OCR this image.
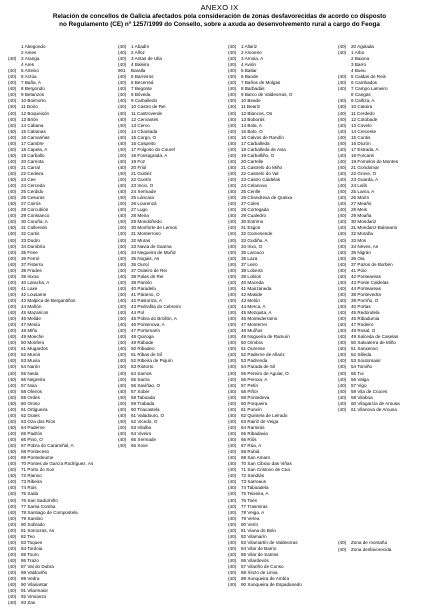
ANEXO IX
Relación de concellos de Galicia afectados pola consideración de zonas desfavorecidas de acordo co disposto
no Regulamento (CE) nº 1257/1999 do Consello, sobre a axuda ao desenvolvemento rural a cargo do Feoga
1 Abegondo
2 Ames
(40) 3 Aranga
4 Ares
(40) 5 Arteixo
(40) 6 Arzúa
(40) 7 Baña, A
(40) 8 Bergondo
(40) 9 Betanzos
(40) 10 Boimorto
(40) 11 Boiro
(40) 12 Boqueixón
(40) 13 Brión
(40) 14 Cabana
(40) 15 Cabanas
(40) 16 Camariñas
(40) 17 Cambre
(40) 18 Capela, A
(40) 19 Carballo
(40) 20 Carnota
(40) 21 Carral
(40) 22 Cedeira
(40) 23 Cee
(40) 24 Cerceda
(40) 25 Cerdido
(40) 26 Cesuras
(40) 27 Coirós
(40) 28 Corcubión
(40) 29 Coristanco
(40) 30 Coruña, A
(40) 31 Culleredo
(40) 32 Curtis
(40) 33 Dodro
(40) 34 Dumbría
(40) 35 Fene
(40) 36 Ferrol
(40) 37 Fisterra
(40) 38 Frades
(40) 39 Irixoa
(40) 40 Laracha, A
(40) 41 Laxe
(40) 42 Lousame
(40) 43 Malpica de Bergantiños
(40) 44 Mañón
(40) 45 Mazaricos
(40) 46 Melide
(40) 47 Mesía
(40) 48 Miño
(40) 49 Moeche
(40) 50 Monfero
(40) 51 Mugardos
(40) 52 Muros
(40) 53 Muxía
(40) 54 Narón
(40) 55 Neda
(40) 56 Negreira
(40) 57 Noia
(40) 58 Oleiros
(40) 59 Ordes
(40) 60 Oroso
(40) 61 Ortigueira
(40) 62 Outes
(40) 63 Oza dos Ríos
(40) 64 Paderne
(40) 65 Padrón
(40) 66 Pino, O
(40) 67 Pobra do Caramiñal, A
(40) 68 Ponteceso
(40) 69 Pontedeume
(40) 70 Pontes de García Rodríguez, As
(40) 71 Porto do Son
(40) 72 Rianxo
(40) 73 Ribeira
(40) 74 Rois
(40) 75 Sada
(40) 76 San Sadurniño
(40) 77 Santa Comba
(40) 78 Santiago de Compostela
(40) 79 Santiso
(40) 80 Sobrado
(40) 81 Somozas, As
(40) 82 Teo
(40) 83 Toques
(40) 84 Tordoia
(40) 85 Touro
(40) 86 Trazo
(40) 87 Val do Dubra
(40) 88 Valdoviño
(40) 89 Vedra
(40) 90 Vilasantar
(40) 91 Vilarmaior
(40) 92 Vimianzo
(40) 93 Zas
(40) 1 Abadín
(40) 2 Alfoz
(40) 3 Antas de Ulla
(40) 4 Baleira
901 Baralla
(40) 5 Barreiros
(40) 6 Becerreá
(40) 7 Begonte
(40) 8 Bóveda
(40) 9 Carballedo
(40) 10 Castro de Rei
(40) 11 Castroverde
(40) 12 Cervantes
(40) 13 Cervo
(40) 14 Chantada
(40) 15 Corgo, O
(40) 16 Cospeito
(40) 17 Folgoso do Courel
(40) 18 Fonsagrada, A
(40) 19 Foz
(40) 20 Friol
(40) 21 Guitiriz
(40) 22 Guntín
(40) 23 Incio, O
(40) 24 Xermade
(40) 25 Láncara
(40) 26 Lourenzá
(40) 27 Lugo
(40) 28 Meira
(40) 29 Mondoñedo
(40) 30 Monforte de Lemos
(40) 31 Monterroso
(40) 32 Muras
(40) 33 Navia de Suarna
(40) 34 Negueira de Muñiz
(40) 35 Nogais, As
(40) 36 Ourol
(40) 37 Outeiro de Rei
(40) 38 Palas de Rei
(40) 39 Pantón
(40) 40 Paradela
(40) 41 Páramo, O
(40) 42 Pastoriza, A
(40) 43 Pedrafita do Cebreiro
(40) 44 Pol
(40) 45 Pobra do Brollón, A
(40) 46 Pontenova, A
(40) 47 Portomarín
(40) 48 Quiroga
(40) 49 Rábade
(40) 50 Ribadeo
(40) 51 Ribas de Sil
(40) 52 Ribeira de Piquín
(40) 53 Riotorto
(40) 54 Samos
(40) 55 Sarria
(40) 56 Saviñao, O
(40) 57 Sober
(40) 58 Taboada
(40) 59 Trabada
(40) 60 Triacastela
(40) 61 Valadouro, O
(40) 62 Vicedo, O
(40) 63 Vilalba
(40) 64 Viveiro
(40) 65 Xermade
(40) 66 Xove
(40) 1 Allariz
(40) 2 Amoeiro
(40) 3 Arnoia, A
(40) 4 Avión
(40) 5 Baltar
(40) 6 Bande
(40) 7 Baños de Molgas
(40) 8 Barbadás
(40) 9 Barco de Valdeorras, O
(40) 10 Beade
(40) 11 Beariz
(40) 12 Blancos, Os
(40) 13 Boborás
(40) 14 Bola, A
(40) 15 Bolo, O
(40) 16 Calvos de Randín
(40) 17 Carballeda
(40) 18 Carballeda de Avia
(40) 19 Carballiño, O
(40) 20 Cartelle
(40) 21 Castrelo do Miño
(40) 22 Castrelo do Val
(40) 23 Castro Caldelas
(40) 24 Celanova
(40) 25 Cenlle
(40) 26 Chandrexa de Queixa
(40) 27 Coles
(40) 28 Cortegada
(40) 29 Cualedro
(40) 30 Entrimo
(40) 31 Esgos
(40) 32 Gomesende
(40) 33 Gudiña, A
(40) 34 Irixo, O
(40) 35 Larouco
(40) 36 Laza
(40) 37 Leiro
(40) 38 Lobeira
(40) 39 Lobios
(40) 40 Maceda
(40) 41 Manzaneda
(40) 42 Maside
(40) 43 Melón
(40) 44 Merca, A
(40) 45 Mezquita, A
(40) 46 Montederramo
(40) 47 Monterrei
(40) 48 Muíños
(40) 49 Nogueira de Ramuín
(40) 50 Oímbra
(40) 51 Ourense
(40) 52 Paderne de Allariz
(40) 53 Padrenda
(40) 54 Parada de Sil
(40) 55 Pereiro de Aguiar, O
(40) 56 Peroxa, A
(40) 57 Petín
(40) 58 Piñor
(40) 59 Pontedeva
(40) 60 Porqueira
(40) 61 Punxín
(40) 62 Quintela de Leirado
(40) 63 Rairiz de Veiga
(40) 64 Ramirás
(40) 65 Ribadavia
(40) 66 Riós
(40) 67 Rúa, A
(40) 68 Rubiá
(40) 69 San Amaro
(40) 70 San Cibrao das Viñas
(40) 71 San Cristovo de Cea
(40) 72 Sandiás
(40) 73 Sarreaus
(40) 74 Taboadela
(40) 75 Teixeira, A
(40) 76 Toén
(40) 77 Trasmiras
(40) 78 Veiga, A
(40) 79 Verea
(40) 80 Verín
(40) 81 Viana do Bolo
(40) 82 Vilamarín
(40) 83 Vilamartín de Valdeorras
(40) 84 Vilar de Barrio
(40) 85 Vilar de Santos
(40) 86 Vilardevós
(40) 87 Vilariño de Conso
(40) 88 Xinzo de Limia
(40) 89 Xunqueira de Ambía
(40) 90 Xunqueira de Espadanedo
(40) 20 Agolada
(40) 1 Arbo
2 Baiona
3 Barro
4 Bueu
(40) 5 Caldas de Reis
(40) 6 Cambados
(40) 7 Campo Lameiro
8 Cangas
(40) 9 Cañiza, A
(40) 10 Catoira
(40) 11 Cerdedo
(40) 12 Cotobade
(40) 13 Covelo
(40) 14 Crecente
(40) 15 Cuntis
(40) 16 Dozón
(40) 17 Estrada, A
(40) 18 Forcarei
(40) 19 Fornelos de Montes
(40) 21 Gondomar
(40) 22 Grove, O
(40) 23 Guarda, A
(40) 24 Lalín
(40) 25 Lama, A
(40) 26 Marín
(40) 27 Meaño
(40) 28 Meis
(40) 29 Moaña
(40) 30 Mondariz
(40) 31 Mondariz-Balneario
(40) 32 Moraña
(40) 33 Mos
(40) 34 Neves, As
(40) 35 Nigrán
(40) 36 Oia
(40) 37 Pazos de Borbén
(40) 41 Poio
(40) 42 Ponteareas
(40) 43 Ponte Caldelas
(40) 44 Ponteareas
(40) 38 Pontevedra
(40) 39 Porriño, O
(40) 40 Portas
(40) 45 Redondela
(40) 46 Ribadumia
(40) 47 Rodeiro
(40) 48 Rosal, O
(40) 49 Salceda de Caselas
(40) 50 Salvaterra de Miño
(40) 51 Sanxenxo
(40) 52 Silleda
(40) 53 Soutomaior
(40) 54 Tomiño
(40) 55 Tui
(40) 56 Valga
(40) 57 Vigo
(40) 59 Vila de Cruces
(40) 58 Vilaboa
(40) 60 Vilagarcía de Arousa
(40) 61 Vilanova de Arousa
(40) Zona de montaña
(40) Zona desfavorecida
